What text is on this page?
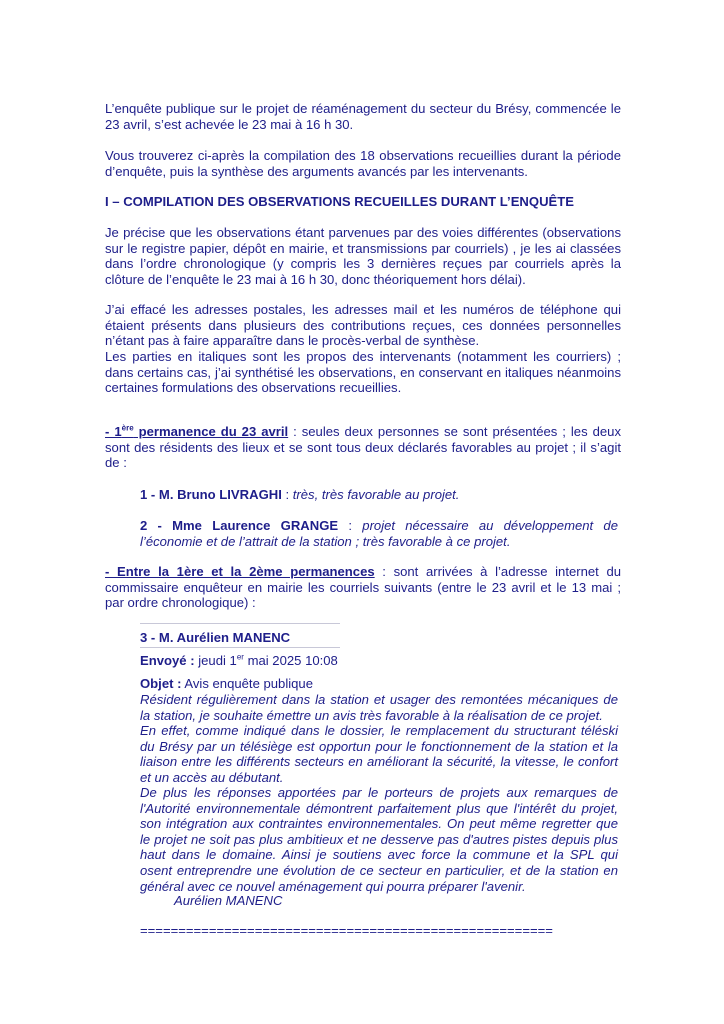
L’enquête publique sur le projet de réaménagement du secteur du Brésy, commencée le 23 avril, s’est achevée le 23 mai à 16 h 30.

Vous trouverez ci-après la compilation des 18 observations recueillies durant la période d’enquête, puis la synthèse des arguments avancés par les intervenants.

I – COMPILATION DES OBSERVATIONS RECUEILLES DURANT L’ENQUÊTE

Je précise que les observations étant parvenues par des voies différentes (observations sur le registre papier, dépôt en mairie, et transmissions par courriels) , je les ai classées dans l’ordre chronologique (y compris les 3 dernières reçues par courriels après la clôture de l’enquête le 23 mai à 16 h 30, donc théoriquement hors délai).

J’ai effacé les adresses postales, les adresses mail et les numéros de téléphone qui étaient présents dans plusieurs des contributions reçues, ces données personnelles n’étant pas à faire apparaître dans le procès-verbal de synthèse.

Les parties en italiques sont les propos des intervenants (notamment les courriers) ; dans certains cas, j’ai synthétisé les observations, en conservant en italiques néanmoins certaines formulations des observations recueillies.

- 1ère permanence du 23 avril : seules deux personnes se sont présentées ; les deux sont des résidents des lieux et se sont tous deux déclarés favorables au projet ; il s’agit de :

1 - M. Bruno LIVRAGHI : très, très favorable au projet.

2 - Mme Laurence GRANGE : projet nécessaire au développement de l’économie et de l’attrait de la station ; très favorable à ce projet.

- Entre la 1ère et la 2ème permanences : sont arrivées à l’adresse internet du commissaire enquêteur en mairie les courriels suivants (entre le 23 avril et le 13 mai ; par ordre chronologique) :

3 - M. Aurélien MANENC

Envoyé : jeudi 1er mai 2025 10:08

Objet : Avis enquête publique

Résident régulièrement dans la station et usager des remontées mécaniques de la station, je souhaite émettre un avis très favorable à la réalisation de ce projet.

En effet, comme indiqué dans le dossier, le remplacement du structurant téléski du Brésy par un télésiège est opportun pour le fonctionnement de la station et la liaison entre les différents secteurs en améliorant la sécurité, la vitesse, le confort et un accès au débutant.

De plus les réponses apportées par le porteurs de projets aux remarques de l'Autorité environnementale démontrent parfaitement plus que l'intérêt du projet, son intégration aux contraintes environnementales. On peut même regretter que le projet ne soit pas plus ambitieux et ne desserve pas d'autres pistes depuis plus haut dans le domaine. Ainsi je soutiens avec force la commune et la SPL qui osent entreprendre une évolution de ce secteur en particulier, et de la station en général avec ce nouvel aménagement qui pourra préparer l'avenir.

Aurélien MANENC

======================================================
